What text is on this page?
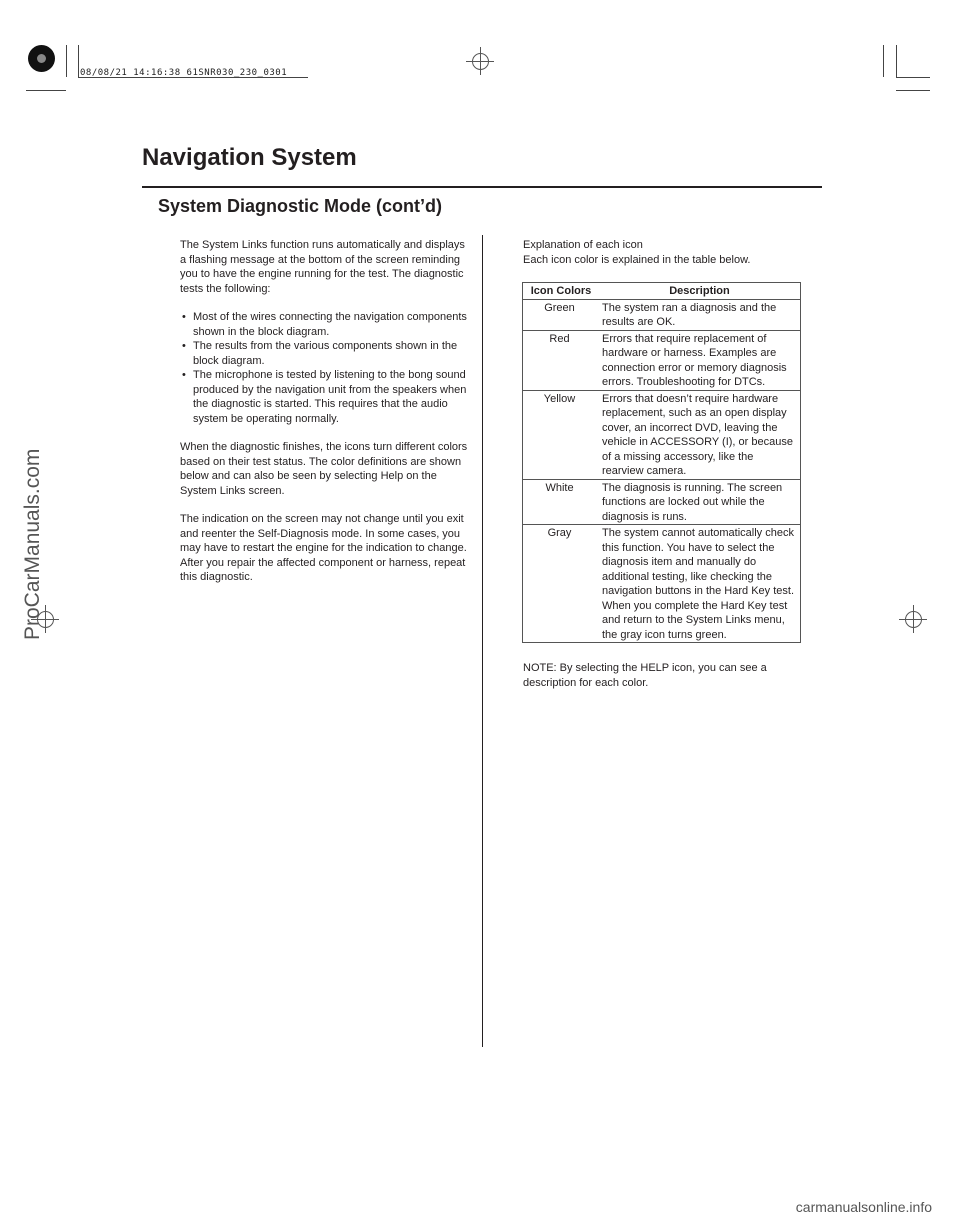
08/08/21 14:16:38 61SNR030_230_0301
Navigation System
System Diagnostic Mode (cont’d)

The System Links function runs automatically and displays a flashing message at the bottom of the screen reminding you to have the engine running for the test. The diagnostic tests the following:

• Most of the wires connecting the navigation components shown in the block diagram.
• The results from the various components shown in the block diagram.
• The microphone is tested by listening to the bong sound produced by the navigation unit from the speakers when the diagnostic is started. This requires that the audio system be operating normally.

When the diagnostic finishes, the icons turn different colors based on their test status. The color definitions are shown below and can also be seen by selecting Help on the System Links screen.

The indication on the screen may not change until you exit and reenter the Self-Diagnosis mode. In some cases, you may have to restart the engine for the indication to change. After you repair the affected component or harness, repeat this diagnostic.

Explanation of each icon

Each icon color is explained in the table below.

Icon Colors	Description
Green	The system ran a diagnosis and the results are OK.
Red	Errors that require replacement of hardware or harness. Examples are connection error or memory diagnosis errors. Troubleshooting for DTCs.
Yellow	Errors that doesn’t require hardware replacement, such as an open display cover, an incorrect DVD, leaving the vehicle in ACCESSORY (I), or because of a missing accessory, like the rearview camera.
White	The diagnosis is running. The screen functions are locked out while the diagnosis is runs.
Gray	The system cannot automatically check this function. You have to select the diagnosis item and manually do additional testing, like checking the navigation buttons in the Hard Key test. When you complete the Hard Key test and return to the System Links menu, the gray icon turns green.

NOTE: By selecting the HELP icon, you can see a description for each color.

ProCarManuals.com
carmanualsonline.info
